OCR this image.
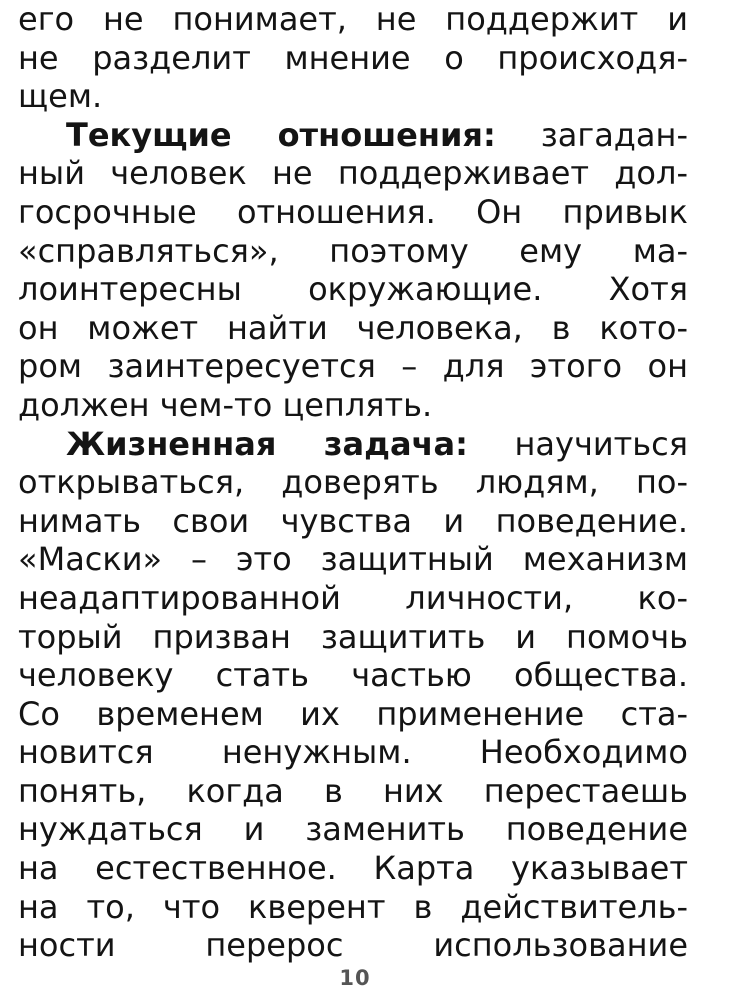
его не понимает, не поддержит и
не разделит мнение о происходя-
щем.
Текущие отношения: загадан-
ный человек не поддерживает дол-
госрочные отношения. Он привык
«справляться», поэтому ему ма-
лоинтересны окружающие. Хотя
он может найти человека, в кото-
ром заинтересуется – для этого он
должен чем-то цеплять.
Жизненная задача: научиться
открываться, доверять людям, по-
нимать свои чувства и поведение.
«Маски» – это защитный механизм
неадаптированной личности, ко-
торый призван защитить и помочь
человеку стать частью общества.
Со временем их применение ста-
новится ненужным. Необходимо
понять, когда в них перестаешь
нуждаться и заменить поведение
на естественное. Карта указывает
на то, что кверент в действитель-
ности перерос использование
10
